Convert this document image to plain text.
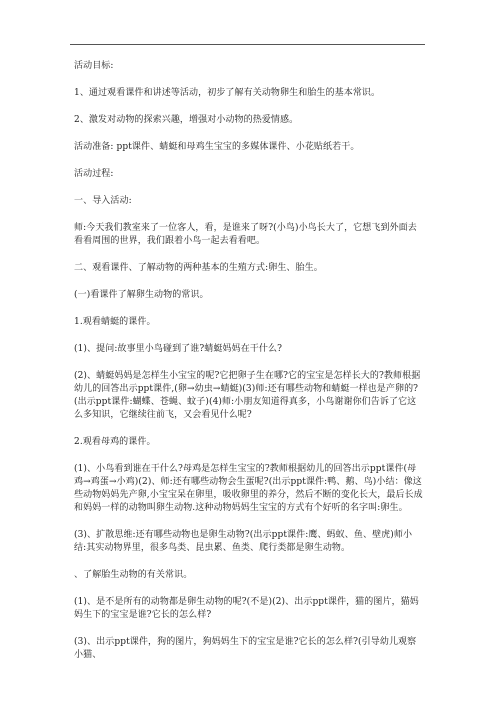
活动目标:

1、通过观看课件和讲述等活动，初步了解有关动物卵生和胎生的基本常识。

2、激发对动物的探索兴趣，增强对小动物的热爱情感。

活动准备: ppt课件、蜻蜓和母鸡生宝宝的多媒体课件、小花贴纸若干。

活动过程:

一、导入活动:

师:今天我们教室来了一位客人，看，是谁来了呀?(小鸟)小鸟长大了，它想飞到外面去看看周围的世界，我们跟着小鸟一起去看看吧。

二、观看课件、了解动物的两种基本的生殖方式:卵生、胎生。

(一)看课件了解卵生动物的常识。

1.观看蜻蜓的课件。

(1)、提问:故事里小鸟碰到了谁?蜻蜓妈妈在干什么?

(2)、蜻蜓妈妈是怎样生小宝宝的呢?它把卵子生在哪?它的宝宝是怎样长大的?教师根据幼儿的回答出示ppt课件,(卵→幼虫→蜻蜓)(3)师:还有哪些动物和蜻蜓一样也是产卵的?(出示ppt课件:蝴蝶、苍蝇、蚊子)(4)师:小朋友知道得真多，小鸟谢谢你们告诉了它这么多知识，它继续往前飞，又会看见什么呢?

2.观看母鸡的课件。

(1)、小鸟看到谁在干什么?母鸡是怎样生宝宝的?教师根据幼儿的回答出示ppt课件(母鸡→鸡蛋→小鸡)(2)、师:还有哪些动物会生蛋呢?(出示ppt课件:鸭、鹅、鸟)小结：像这些动物妈妈先产卵,小宝宝呆在卵里，吸收卵里的养分，然后不断的变化长大，最后长成和妈妈一样的动物叫卵生动物.这种动物妈妈生宝宝的方式有个好听的名字叫:卵生。

(3)、扩散思维:还有哪些动物也是卵生动物?(出示ppt课件:鹰、蚂蚁、鱼、壁虎)师小结:其实动物界里，很多鸟类、昆虫累、鱼类、爬行类都是卵生动物。

、了解胎生动物的有关常识。

(1)、是不是所有的动物都是卵生动物的呢?(不是)(2)、出示ppt课件，猫的图片，猫妈妈生下的宝宝是谁?它长的怎么样?

(3)、出示ppt课件，狗的图片，狗妈妈生下的宝宝是谁?它长的怎么样?(引导幼儿观察小猫、
